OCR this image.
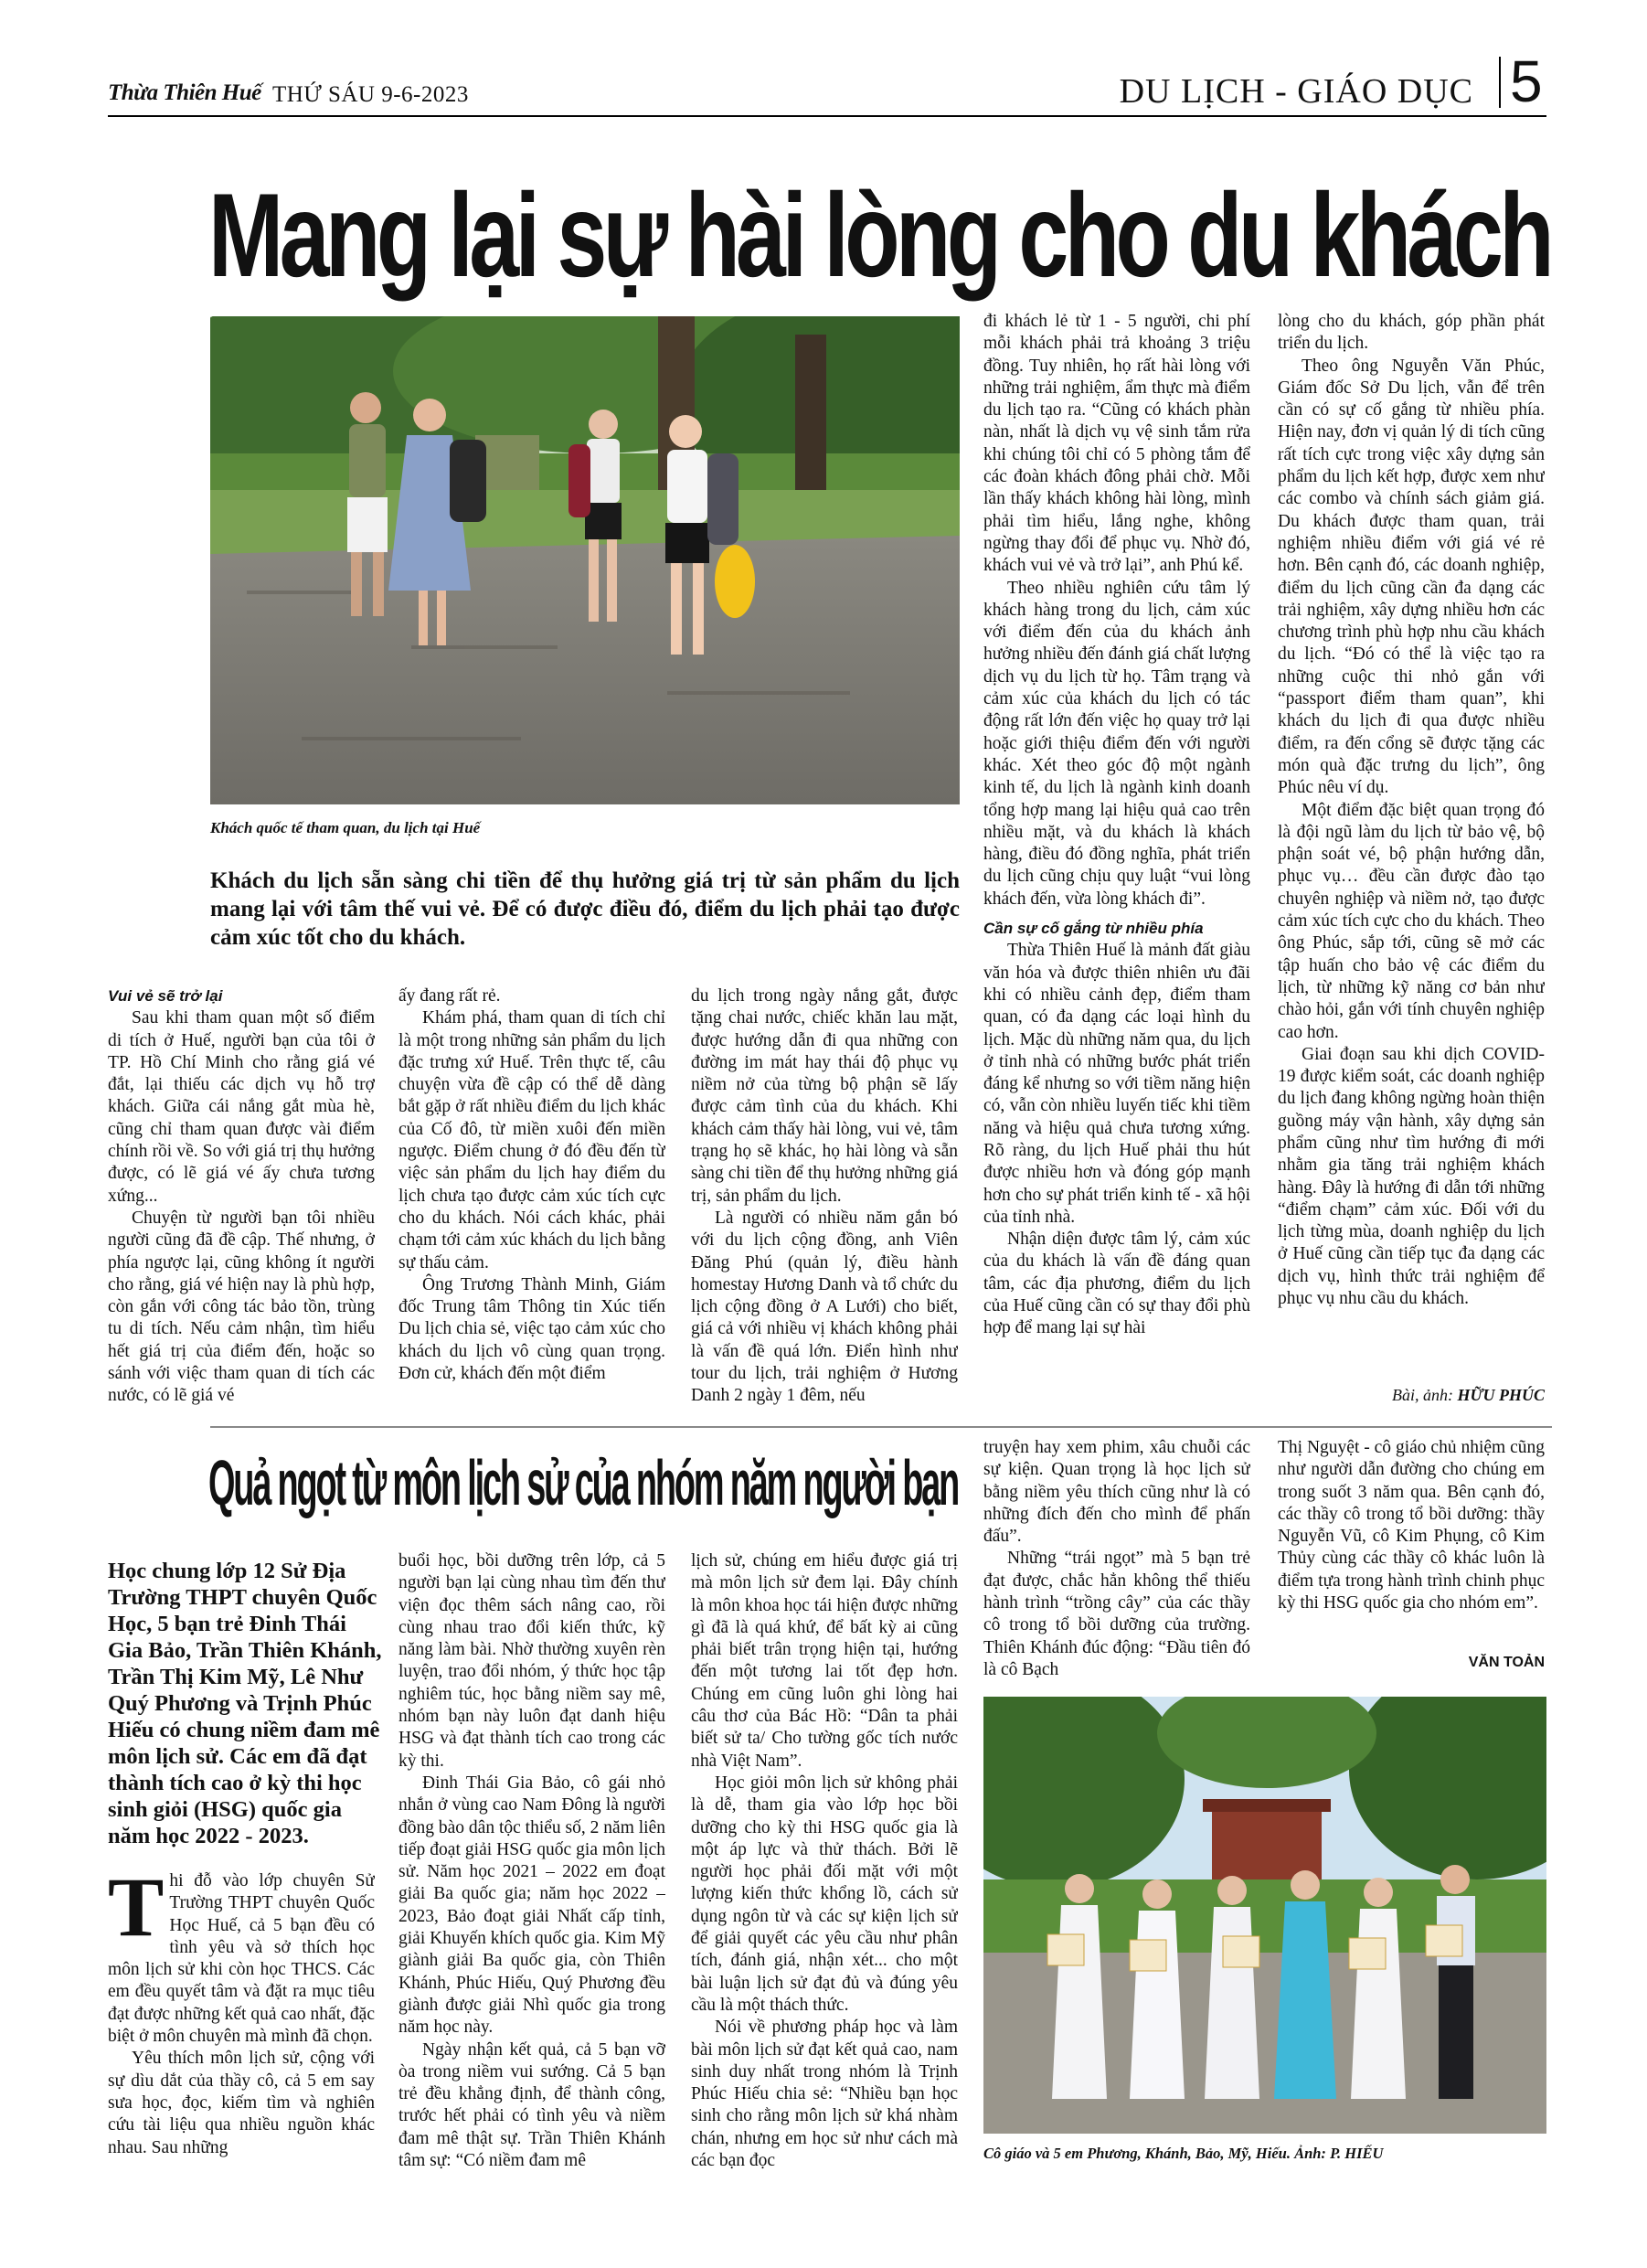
Thừa Thiên Huế THỨ SÁU 9-6-2023	DU LỊCH - GIÁO DỤC 5
Mang lại sự hài lòng cho du khách
Khách quốc tế tham quan, du lịch tại Huế
Khách du lịch sẵn sàng chi tiền để thụ hưởng giá trị từ sản phẩm du lịch mang lại với tâm thế vui vẻ. Để có được điều đó, điểm du lịch phải tạo được cảm xúc tốt cho du khách.

Vui vẻ sẽ trở lại

Sau khi tham quan một số điểm di tích ở Huế, người bạn của tôi ở TP. Hồ Chí Minh cho rằng giá vé đắt, lại thiếu các dịch vụ hỗ trợ khách. Giữa cái nắng gắt mùa hè, cũng chỉ tham quan được vài điểm chính rồi về. So với giá trị thụ hưởng được, có lẽ giá vé ấy chưa tương xứng...

Chuyện từ người bạn tôi nhiều người cũng đã đề cập. Thế nhưng, ở phía ngược lại, cũng không ít người cho rằng, giá vé hiện nay là phù hợp, còn gắn với công tác bảo tồn, trùng tu di tích. Nếu cảm nhận, tìm hiểu hết giá trị của điểm đến, hoặc so sánh với việc tham quan di tích các nước, có lẽ giá vé

ấy đang rất rẻ.

Khám phá, tham quan di tích chỉ là một trong những sản phẩm du lịch đặc trưng xứ Huế. Trên thực tế, câu chuyện vừa đề cập có thể dễ dàng bắt gặp ở rất nhiều điểm du lịch khác của Cố đô, từ miền xuôi đến miền ngược. Điểm chung ở đó đều đến từ việc sản phẩm du lịch hay điểm du lịch chưa tạo được cảm xúc tích cực cho du khách. Nói cách khác, phải chạm tới cảm xúc khách du lịch bằng sự thấu cảm.

Ông Trương Thành Minh, Giám đốc Trung tâm Thông tin Xúc tiến Du lịch chia sẻ, việc tạo cảm xúc cho khách du lịch vô cùng quan trọng. Đơn cử, khách đến một điểm

du lịch trong ngày nắng gắt, được tặng chai nước, chiếc khăn lau mặt, được hướng dẫn đi qua những con đường im mát hay thái độ phục vụ niềm nở của từng bộ phận sẽ lấy được cảm tình của du khách. Khi khách cảm thấy hài lòng, vui vẻ, tâm trạng họ sẽ khác, họ hài lòng và sẵn sàng chi tiền để thụ hưởng những giá trị, sản phẩm du lịch.

Là người có nhiều năm gắn bó với du lịch cộng đồng, anh Viên Đăng Phú (quản lý, điều hành homestay Hương Danh và tổ chức du lịch cộng đồng ở A Lưới) cho biết, giá cả với nhiều vị khách không phải là vấn đề quá lớn. Điển hình như tour du lịch, trải nghiệm ở Hương Danh 2 ngày 1 đêm, nếu

đi khách lẻ từ 1 - 5 người, chi phí mỗi khách phải trả khoảng 3 triệu đồng. Tuy nhiên, họ rất hài lòng với những trải nghiệm, ẩm thực mà điểm du lịch tạo ra. “Cũng có khách phàn nàn, nhất là dịch vụ vệ sinh tắm rửa khi chúng tôi chỉ có 5 phòng tắm để các đoàn khách đông phải chờ. Mỗi lần thấy khách không hài lòng, mình phải tìm hiểu, lắng nghe, không ngừng thay đổi để phục vụ. Nhờ đó, khách vui vẻ và trở lại”, anh Phú kể.

Theo nhiều nghiên cứu tâm lý khách hàng trong du lịch, cảm xúc với điểm đến của du khách ảnh hưởng nhiều đến đánh giá chất lượng dịch vụ du lịch từ họ. Tâm trạng và cảm xúc của khách du lịch có tác động rất lớn đến việc họ quay trở lại hoặc giới thiệu điểm đến với người khác. Xét theo góc độ một ngành kinh tế, du lịch là ngành kinh doanh tổng hợp mang lại hiệu quả cao trên nhiều mặt, và du khách là khách hàng, điều đó đồng nghĩa, phát triển du lịch cũng chịu quy luật “vui lòng khách đến, vừa lòng khách đi”.

Cần sự cố gắng từ nhiều phía

Thừa Thiên Huế là mảnh đất giàu văn hóa và được thiên nhiên ưu đãi khi có nhiều cảnh đẹp, điểm tham quan, có đa dạng các loại hình du lịch. Mặc dù những năm qua, du lịch ở tỉnh nhà có những bước phát triển đáng kể nhưng so với tiềm năng hiện có, vẫn còn nhiều luyến tiếc khi tiềm năng và hiệu quả chưa tương xứng. Rõ ràng, du lịch Huế phải thu hút được nhiều hơn và đóng góp mạnh hơn cho sự phát triển kinh tế - xã hội của tỉnh nhà.

Nhận diện được tâm lý, cảm xúc của du khách là vấn đề đáng quan tâm, các địa phương, điểm du lịch của Huế cũng cần có sự thay đổi phù hợp để mang lại sự hài

lòng cho du khách, góp phần phát triển du lịch.

Theo ông Nguyễn Văn Phúc, Giám đốc Sở Du lịch, vẫn để trên cần có sự cố gắng từ nhiều phía. Hiện nay, đơn vị quản lý di tích cũng rất tích cực trong việc xây dựng sản phẩm du lịch kết hợp, được xem như các combo và chính sách giảm giá. Du khách được tham quan, trải nghiệm nhiều điểm với giá vé rẻ hơn. Bên cạnh đó, các doanh nghiệp, điểm du lịch cũng cần đa dạng các trải nghiệm, xây dựng nhiều hơn các chương trình phù hợp nhu cầu khách du lịch. “Đó có thể là việc tạo ra những cuộc thi nhỏ gắn với “passport điểm tham quan”, khi khách du lịch đi qua được nhiều điểm, ra đến cổng sẽ được tặng các món quà đặc trưng du lịch”, ông Phúc nêu ví dụ.

Một điểm đặc biệt quan trọng đó là đội ngũ làm du lịch từ bảo vệ, bộ phận soát vé, bộ phận hướng dẫn, phục vụ… đều cần được đào tạo chuyên nghiệp và niềm nở, tạo được cảm xúc tích cực cho du khách. Theo ông Phúc, sắp tới, cũng sẽ mở các tập huấn cho bảo vệ các điểm du lịch, từ những kỹ năng cơ bản như chào hỏi, gắn với tính chuyên nghiệp cao hơn.

Giai đoạn sau khi dịch COVID-19 được kiểm soát, các doanh nghiệp du lịch đang không ngừng hoàn thiện guồng máy vận hành, xây dựng sản phẩm cũng như tìm hướng đi mới nhằm gia tăng trải nghiệm khách hàng. Đây là hướng đi dẫn tới những “điểm chạm” cảm xúc. Đối với du lịch từng mùa, doanh nghiệp du lịch ở Huế cũng cần tiếp tục đa dạng các dịch vụ, hình thức trải nghiệm để phục vụ nhu cầu du khách.

Bài, ảnh: HỮU PHÚC
Quả ngọt từ môn lịch sử của nhóm năm người bạn
Học chung lớp 12 Sử Địa Trường THPT chuyên Quốc Học, 5 bạn trẻ Đinh Thái Gia Bảo, Trần Thiên Khánh, Trần Thị Kim Mỹ, Lê Như Quý Phương và Trịnh Phúc Hiếu có chung niềm đam mê môn lịch sử. Các em đã đạt thành tích cao ở kỳ thi học sinh giỏi (HSG) quốc gia năm học 2022 - 2023.

Thi đỗ vào lớp chuyên Sử Trường THPT chuyên Quốc Học Huế, cả 5 bạn đều có tình yêu và sở thích học môn lịch sử khi còn học THCS. Các em đều quyết tâm và đặt ra mục tiêu đạt được những kết quả cao nhất, đặc biệt ở môn chuyên mà mình đã chọn.

Yêu thích môn lịch sử, cộng với sự dìu dắt của thầy cô, cả 5 em say sưa học, đọc, kiếm tìm và nghiên cứu tài liệu qua nhiều nguồn khác nhau. Sau những

buổi học, bồi dưỡng trên lớp, cả 5 người bạn lại cùng nhau tìm đến thư viện đọc thêm sách nâng cao, rồi cùng nhau trao đổi kiến thức, kỹ năng làm bài. Nhờ thường xuyên rèn luyện, trao đổi nhóm, ý thức học tập nghiêm túc, học bằng niềm say mê, nhóm bạn này luôn đạt danh hiệu HSG và đạt thành tích cao trong các kỳ thi.

Đinh Thái Gia Bảo, cô gái nhỏ nhắn ở vùng cao Nam Đông là người đồng bào dân tộc thiểu số, 2 năm liên tiếp đoạt giải HSG quốc gia môn lịch sử. Năm học 2021 – 2022 em đoạt giải Ba quốc gia; năm học 2022 – 2023, Bảo đoạt giải Nhất cấp tỉnh, giải Khuyến khích quốc gia. Kim Mỹ giành giải Ba quốc gia, còn Thiên Khánh, Phúc Hiếu, Quý Phương đều giành được giải Nhì quốc gia trong năm học này.

Ngày nhận kết quả, cả 5 bạn vỡ òa trong niềm vui sướng. Cả 5 bạn trẻ đều khẳng định, để thành công, trước hết phải có tình yêu và niềm đam mê thật sự. Trần Thiên Khánh tâm sự: “Có niềm đam mê

lịch sử, chúng em hiểu được giá trị mà môn lịch sử đem lại. Đây chính là môn khoa học tái hiện được những gì đã là quá khứ, để bất kỳ ai cũng phải biết trân trọng hiện tại, hướng đến một tương lai tốt đẹp hơn. Chúng em cũng luôn ghi lòng hai câu thơ của Bác Hồ: “Dân ta phải biết sử ta/ Cho tường gốc tích nước nhà Việt Nam”.

Học giỏi môn lịch sử không phải là dễ, tham gia vào lớp học bồi dưỡng cho kỳ thi HSG quốc gia là một áp lực và thử thách. Bởi lẽ người học phải đối mặt với một lượng kiến thức khổng lồ, cách sử dụng ngôn từ và các sự kiện lịch sử để giải quyết các yêu cầu như phân tích, đánh giá, nhận xét... cho một bài luận lịch sử đạt đủ và đúng yêu cầu là một thách thức.

Nói về phương pháp học và làm bài môn lịch sử đạt kết quả cao, nam sinh duy nhất trong nhóm là Trịnh Phúc Hiếu chia sẻ: “Nhiều bạn học sinh cho rằng môn lịch sử khá nhàm chán, nhưng em học sử như cách mà các bạn đọc

truyện hay xem phim, xâu chuỗi các sự kiện. Quan trọng là học lịch sử bằng niềm yêu thích cũng như là có những đích đến cho mình để phấn đấu”.

Những “trái ngọt” mà 5 bạn trẻ đạt được, chắc hẳn không thể thiếu hành trình “trồng cây” của các thầy cô trong tổ bồi dưỡng của trường. Thiên Khánh đúc động: “Đầu tiên đó là cô Bạch

Thị Nguyệt - cô giáo chủ nhiệm cũng như người dẫn đường cho chúng em trong suốt 3 năm qua. Bên cạnh đó, các thầy cô trong tổ bồi dưỡng: thầy Nguyễn Vũ, cô Kim Phụng, cô Kim Thủy cùng các thầy cô khác luôn là điểm tựa trong hành trình chinh phục kỳ thi HSG quốc gia cho nhóm em”.

VĂN TOẢN
Cô giáo và 5 em Phương, Khánh, Bảo, Mỹ, Hiếu. Ảnh: P. HIẾU
